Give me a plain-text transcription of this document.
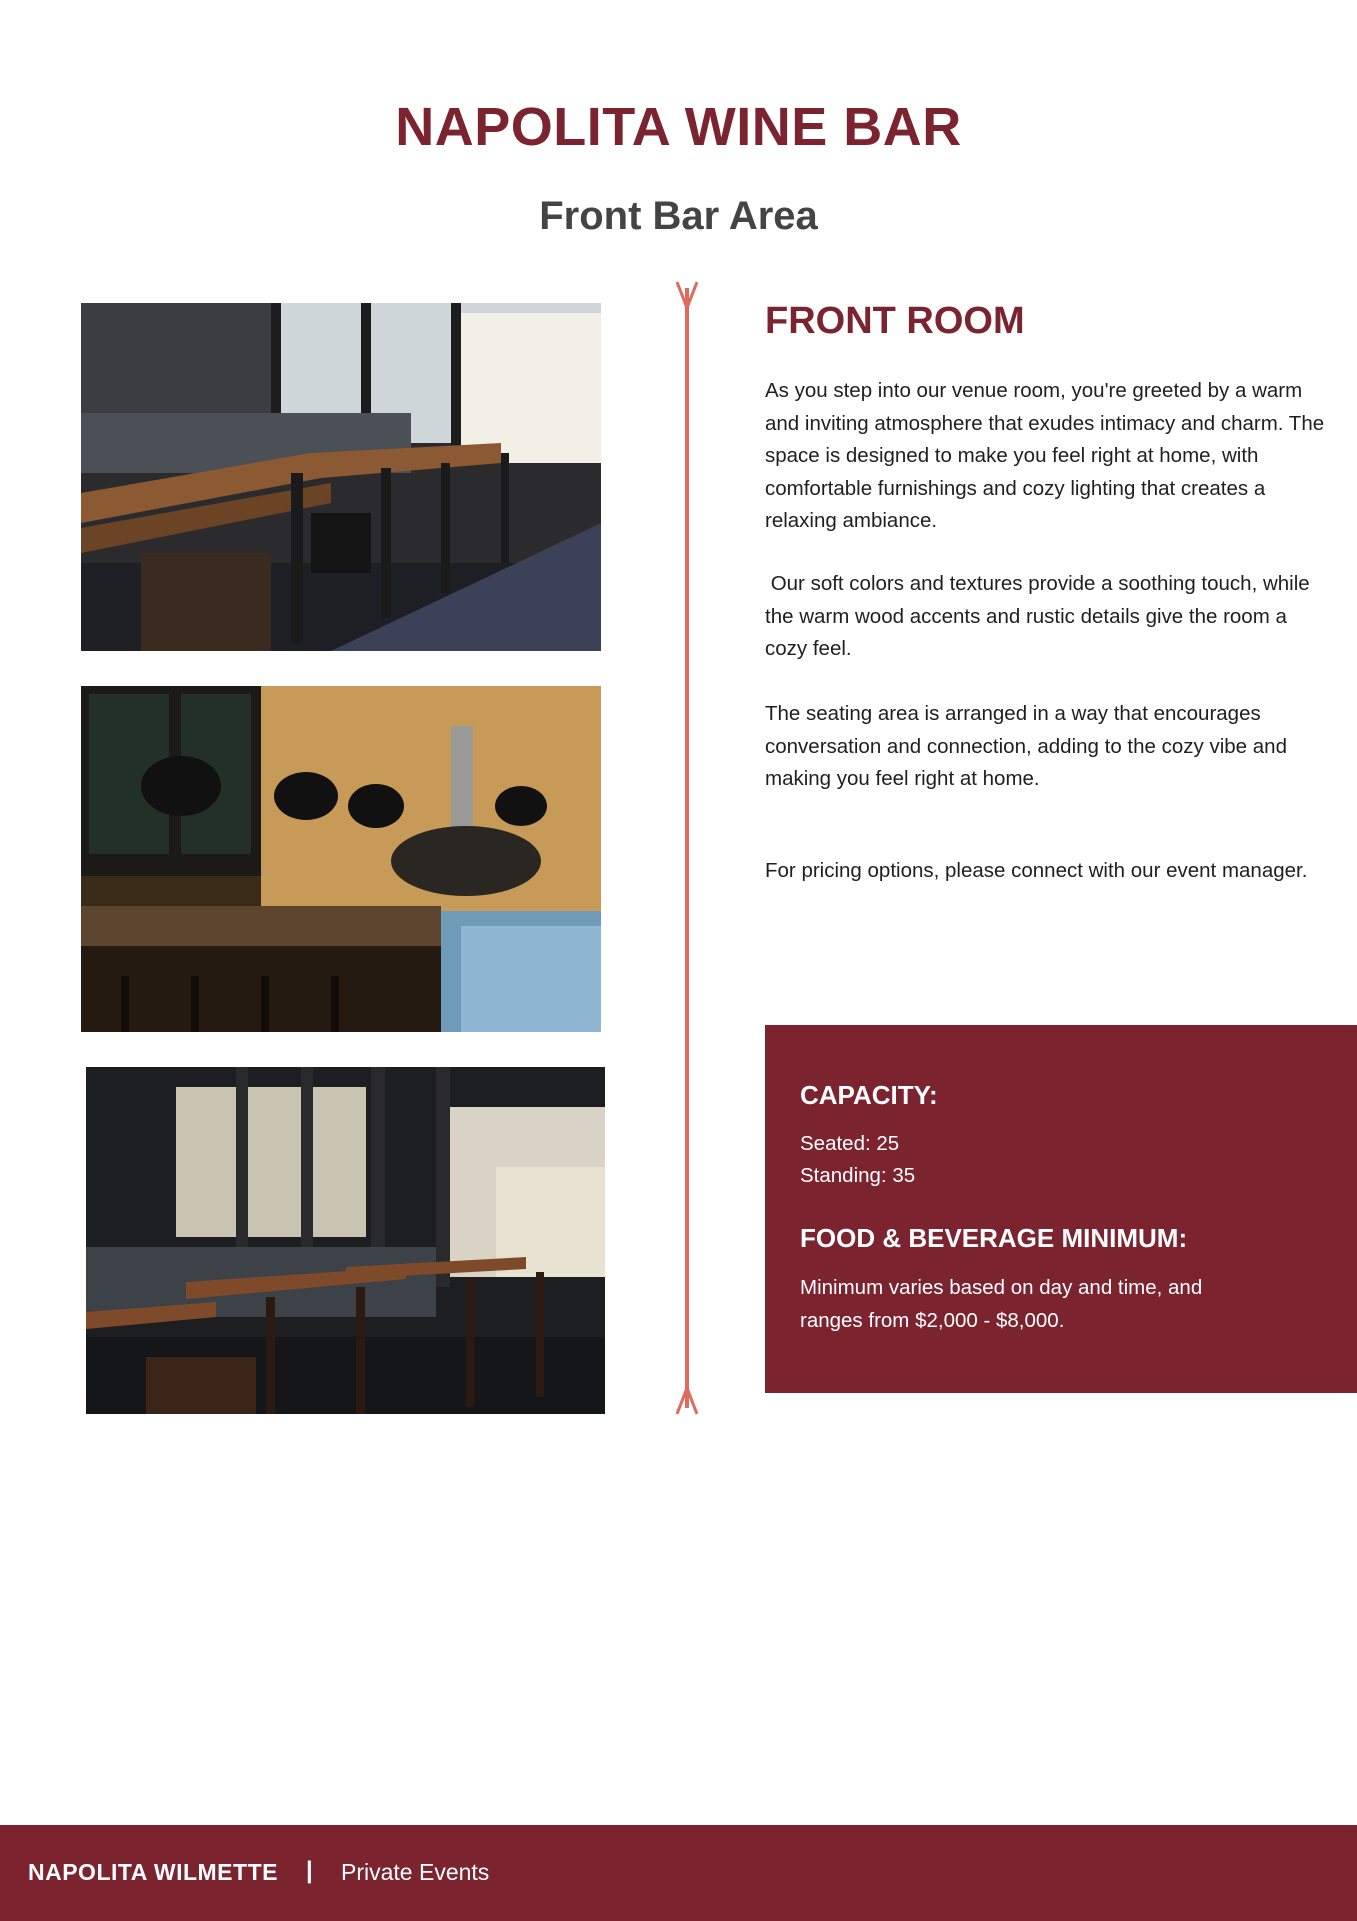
NAPOLITA WINE BAR
Front Bar Area
FRONT ROOM

As you step into our venue room, you're greeted by a warm and inviting atmosphere that exudes intimacy and charm. The space is designed to make you feel right at home, with comfortable furnishings and cozy lighting that creates a relaxing ambiance.

Our soft colors and textures provide a soothing touch, while the warm wood accents and rustic details give the room a cozy feel.

The seating area is arranged in a way that encourages conversation and connection, adding to the cozy vibe and making you feel right at home.

For pricing options, please connect with our event manager.

CAPACITY:

Seated: 25

Standing: 35

FOOD & BEVERAGE MINIMUM:

Minimum varies based on day and time, and ranges from $2,000 - $8,000.

NAPOLITA WILMETTE | Private Events
